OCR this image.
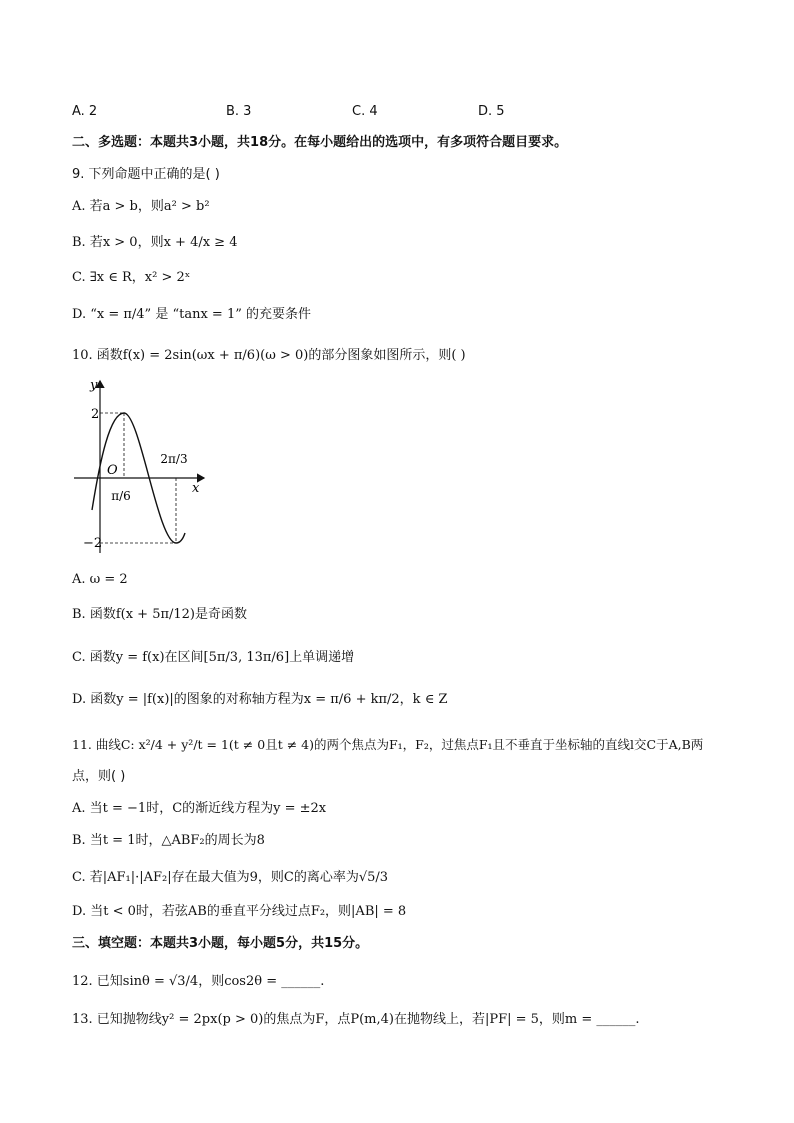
A. 2	B. 3	C. 4	D. 5
二、多选题：本题共3小题，共18分。在每小题给出的选项中，有多项符合题目要求。
9. 下列命题中正确的是( )
A. 若a > b，则a² > b²
B. 若x > 0，则x + 4/x ≥ 4
C. ∃x ∈ R，x² > 2ˣ
D. “x = π/4” 是 “tanx = 1” 的充要条件
10. 函数f(x) = 2sin(ωx + π/6)(ω > 0)的部分图象如图所示，则( )
y
x
O
2
−2
π/6
2π/3
A. ω = 2
B. 函数f(x + 5π/12)是奇函数
C. 函数y = f(x)在区间[5π/3, 13π/6]上单调递增
D. 函数y = |f(x)|的图象的对称轴方程为x = π/6 + kπ/2，k ∈ Z
11. 曲线C: x²/4 + y²/t = 1(t ≠ 0且t ≠ 4)的两个焦点为F₁，F₂，过焦点F₁且不垂直于坐标轴的直线l交C于A,B两
点，则( )
A. 当t = −1时，C的渐近线方程为y = ±2x
B. 当t = 1时，△ABF₂的周长为8
C. 若|AF₁|·|AF₂|存在最大值为9，则C的离心率为√5/3
D. 当t < 0时，若弦AB的垂直平分线过点F₂，则|AB| = 8
三、填空题：本题共3小题，每小题5分，共15分。
12. 已知sinθ = √3/4，则cos2θ = ______.
13. 已知抛物线y² = 2px(p > 0)的焦点为F，点P(m,4)在抛物线上，若|PF| = 5，则m = ______.
